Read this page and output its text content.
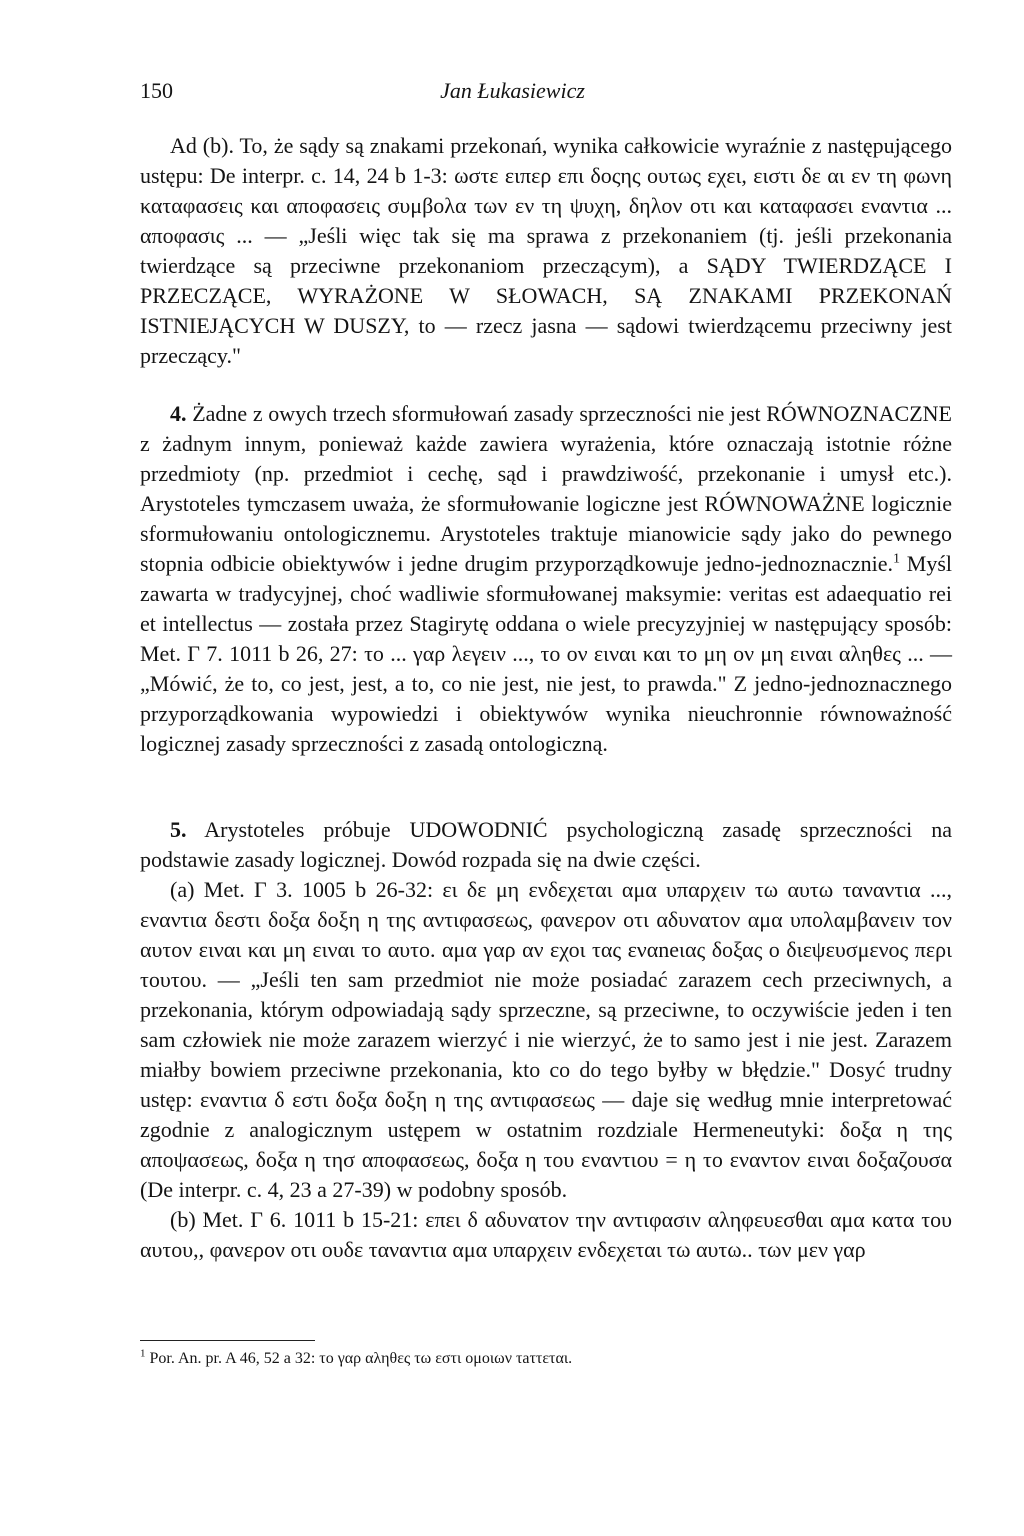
150	Jan Łukasiewicz

Ad (b). To, że sądy są znakami przekonań, wynika całkowicie wyraźnie z następującego ustępu: De interpr. c. 14, 24 b 1-3: ωστε ειπερ επι δοςης ουτως εχει, ειστι δε αι εν τη φωνη καταφασεις και αποφασεις συμβολα των εν τη ψυχη, δηλον οτι και καταφασει εναντια ... αποφασις ... — „Jeśli więc tak się ma sprawa z przekonaniem (tj. jeśli przekonania twierdzące są przeciwne przekonaniom przeczącym), a SĄDY TWIERDZĄCE I PRZECZĄCE, WYRAŻONE W SŁOWACH, SĄ ZNAKAMI PRZEKONAŃ ISTNIEJĄCYCH W DUSZY, to — rzecz jasna — sądowi twierdzącemu przeciwny jest przeczący."

4. Żadne z owych trzech sformułowań zasady sprzeczności nie jest RÓWNOZNACZNE z żadnym innym, ponieważ każde zawiera wyrażenia, które oznaczają istotnie różne przedmioty (np. przedmiot i cechę, sąd i prawdziwość, przekonanie i umysł etc.). Arystoteles tymczasem uważa, że sformułowanie logiczne jest RÓWNOWAŻNE logicznie sformułowaniu ontologicznemu. Arystoteles traktuje mianowicie sądy jako do pewnego stopnia odbicie obiektywów i jedne drugim przyporządkowuje jedno-jednoznacznie.$^1$ Myśl zawarta w tradycyjnej, choć wadliwie sformułowanej maksymie: veritas est adaequatio rei et intellectus — została przez Stagirytę oddana o wiele precyzyjniej w następujący sposób: Met. Γ 7. 1011 b 26, 27: το ... γαρ λεγειν ..., το ον ειναι και το μη ον μη ειναι αληθες ... — „Mówić, że to, co jest, jest, a to, co nie jest, nie jest, to prawda." Z jedno-jednoznacznego przyporządkowania wypowiedzi i obiektywów wynika nieuchronnie równoważność logicznej zasady sprzeczności z zasadą ontologiczną.

5. Arystoteles próbuje UDOWODNIĆ psychologiczną zasadę sprzeczności na podstawie zasady logicznej. Dowód rozpada się na dwie części.

(a) Met. Γ 3. 1005 b 26-32: ει δε μη ενδεχεται αμα υπαρχειν τω αυτω ταναντια ..., εναντια δεστι δοξα δοξη η της αντιφασεως, φανερον οτι αδυνατον αμα υπολαμβανειν τον αυτον ειναι και μη ειναι το αυτο. αμα γαρ αν εχοι τας εναneιας δοξας ο διεψευσμενος περι τουτου. — „Jeśli ten sam przedmiot nie może posiadać zarazem cech przeciwnych, a przekonania, którym odpowiadają sądy sprzeczne, są przeciwne, to oczywiście jeden i ten sam człowiek nie może zarazem wierzyć i nie wierzyć, że to samo jest i nie jest. Zarazem miałby bowiem przeciwne przekonania, kto co do tego byłby w błędzie." Dosyć trudny ustęp: εναντια δ εστι δοξα δοξη η της αντιφασεως — daje się według mnie interpretować zgodnie z analogicznym ustępem w ostatnim rozdziale Hermeneutyki: δοξα η της αποψασεως, δοξα η τησ αποφασεως, δοξα η του εναντιου = η το εναντον ειναι δοξαζουσα (De interpr. c. 4, 23 a 27-39) w podobny sposób.

(b) Met. Γ 6. 1011 b 15-21: επει δ αδυνατον την αντιφασιν αληφευεσθαι αμα κατα του αυτου,, φανερον οτι ουδε ταναντια αμα υπαρχειν ενδεχεται τω αυτω.. των μεν γαρ

$^1$ Por. An. pr. A 46, 52 a 32: το γαρ αληθες τω εστι ομοιων τaττεται.
